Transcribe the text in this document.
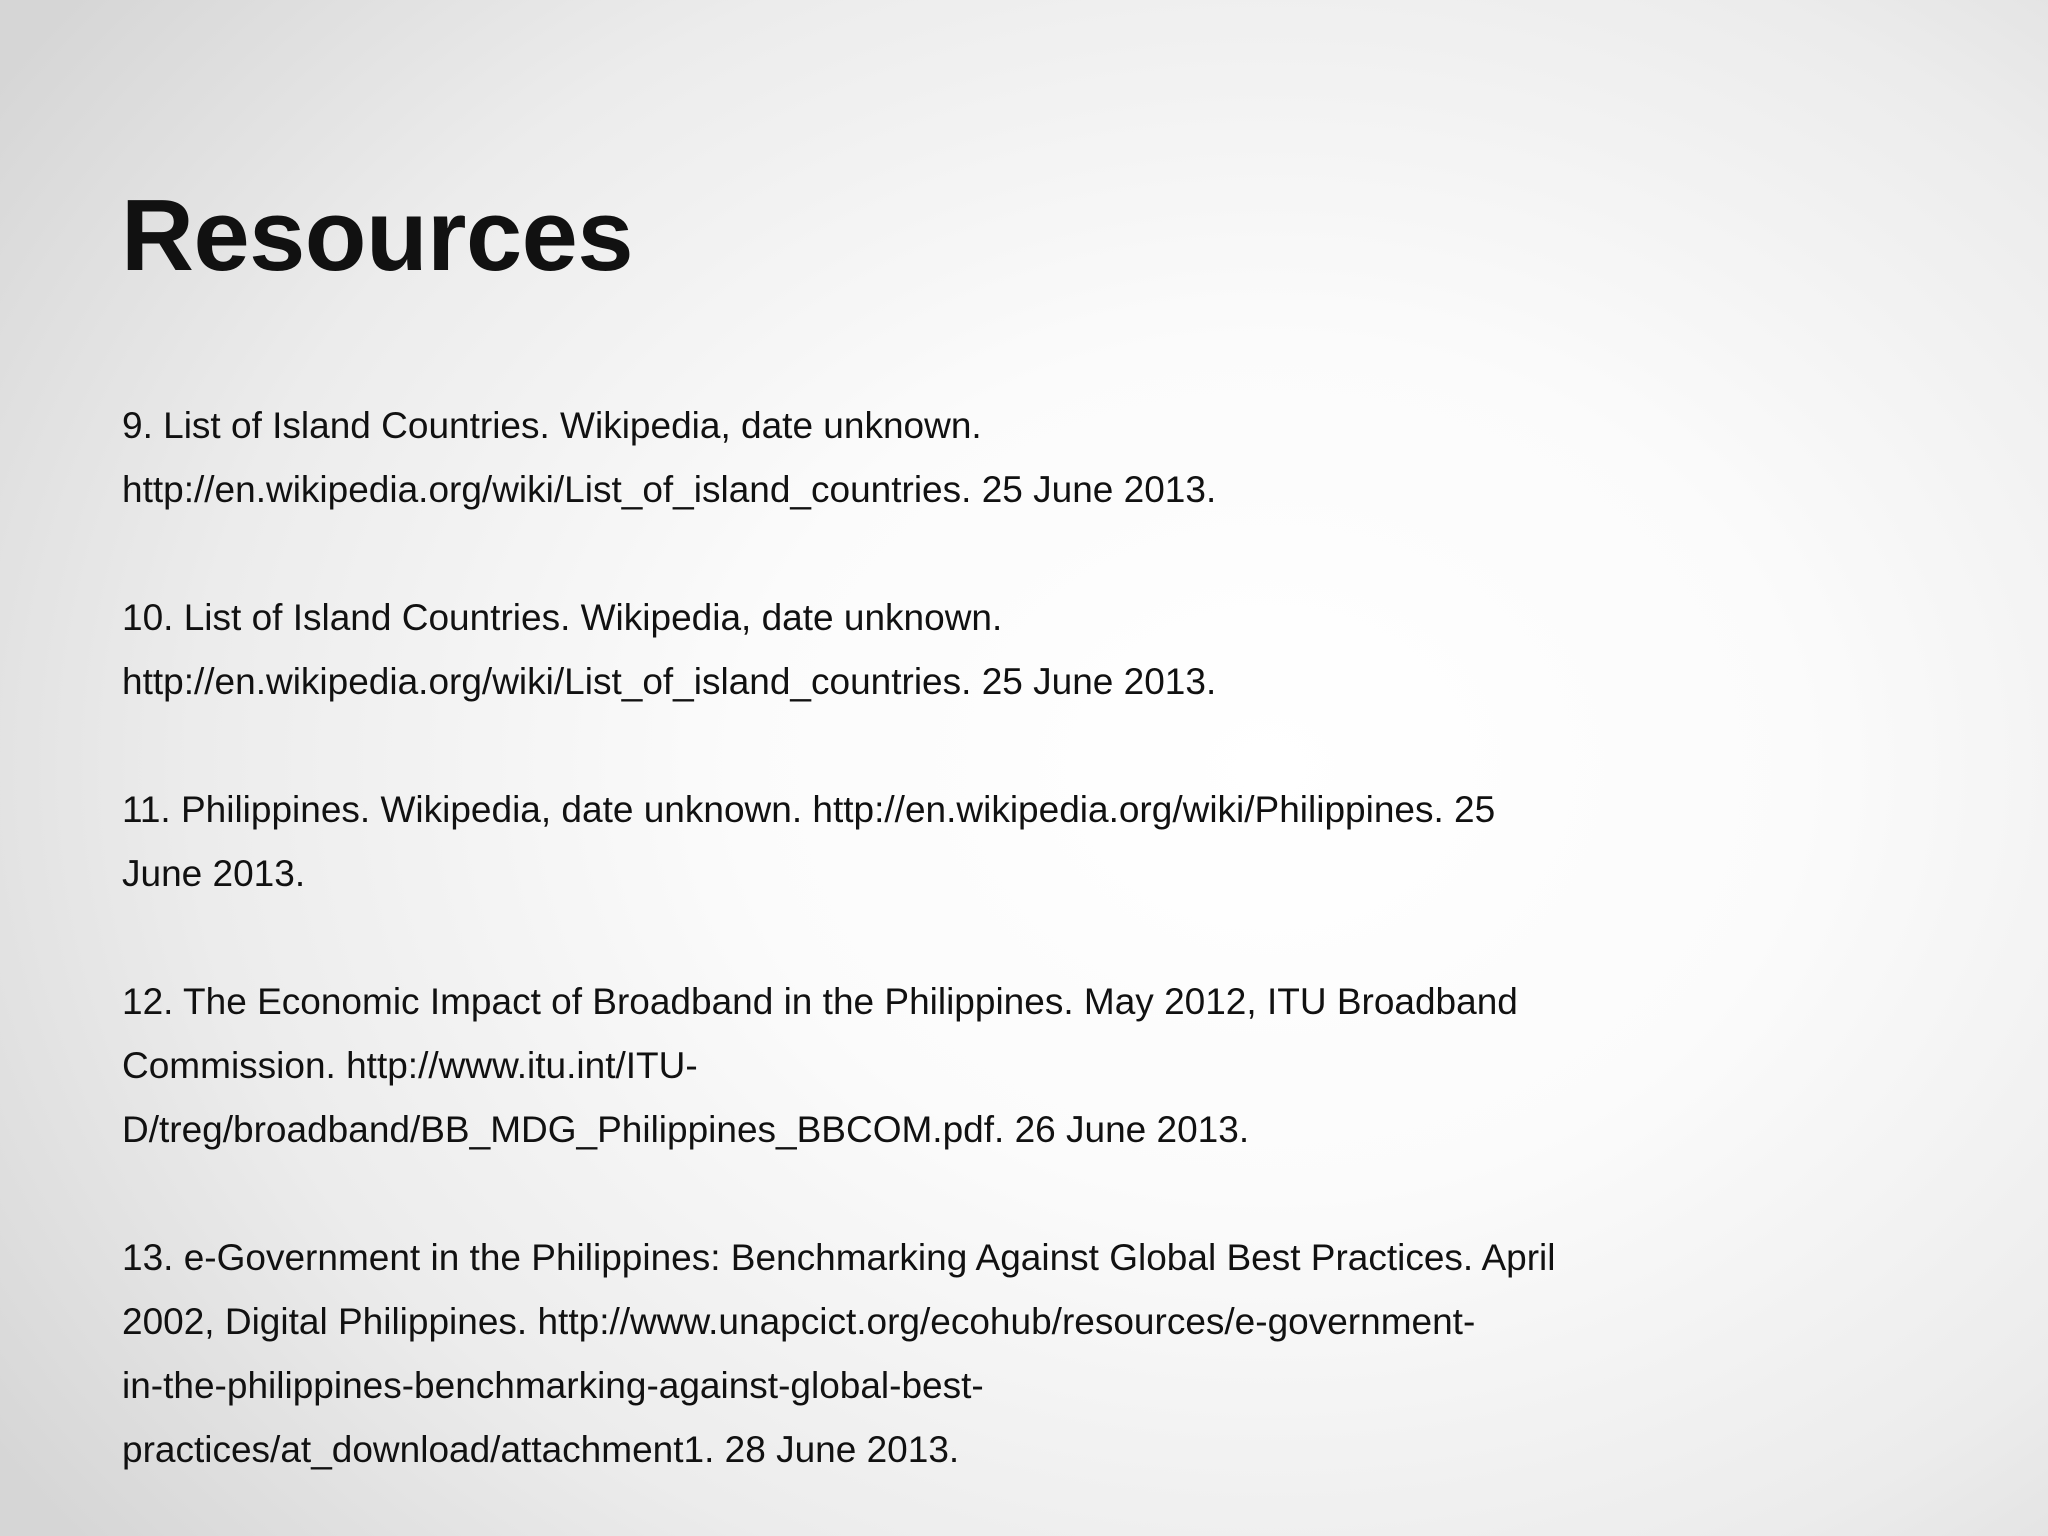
Resources

9. List of Island Countries. Wikipedia, date unknown.
http://en.wikipedia.org/wiki/List_of_island_countries. 25 June 2013.

10. List of Island Countries. Wikipedia, date unknown.
http://en.wikipedia.org/wiki/List_of_island_countries. 25 June 2013.

11. Philippines. Wikipedia, date unknown. http://en.wikipedia.org/wiki/Philippines. 25
June 2013.

12. The Economic Impact of Broadband in the Philippines. May 2012, ITU Broadband
Commission. http://www.itu.int/ITU-
D/treg/broadband/BB_MDG_Philippines_BBCOM.pdf. 26 June 2013.

13. e-Government in the Philippines: Benchmarking Against Global Best Practices. April
2002, Digital Philippines. http://www.unapcict.org/ecohub/resources/e-government-
in-the-philippines-benchmarking-against-global-best-
practices/at_download/attachment1. 28 June 2013.
